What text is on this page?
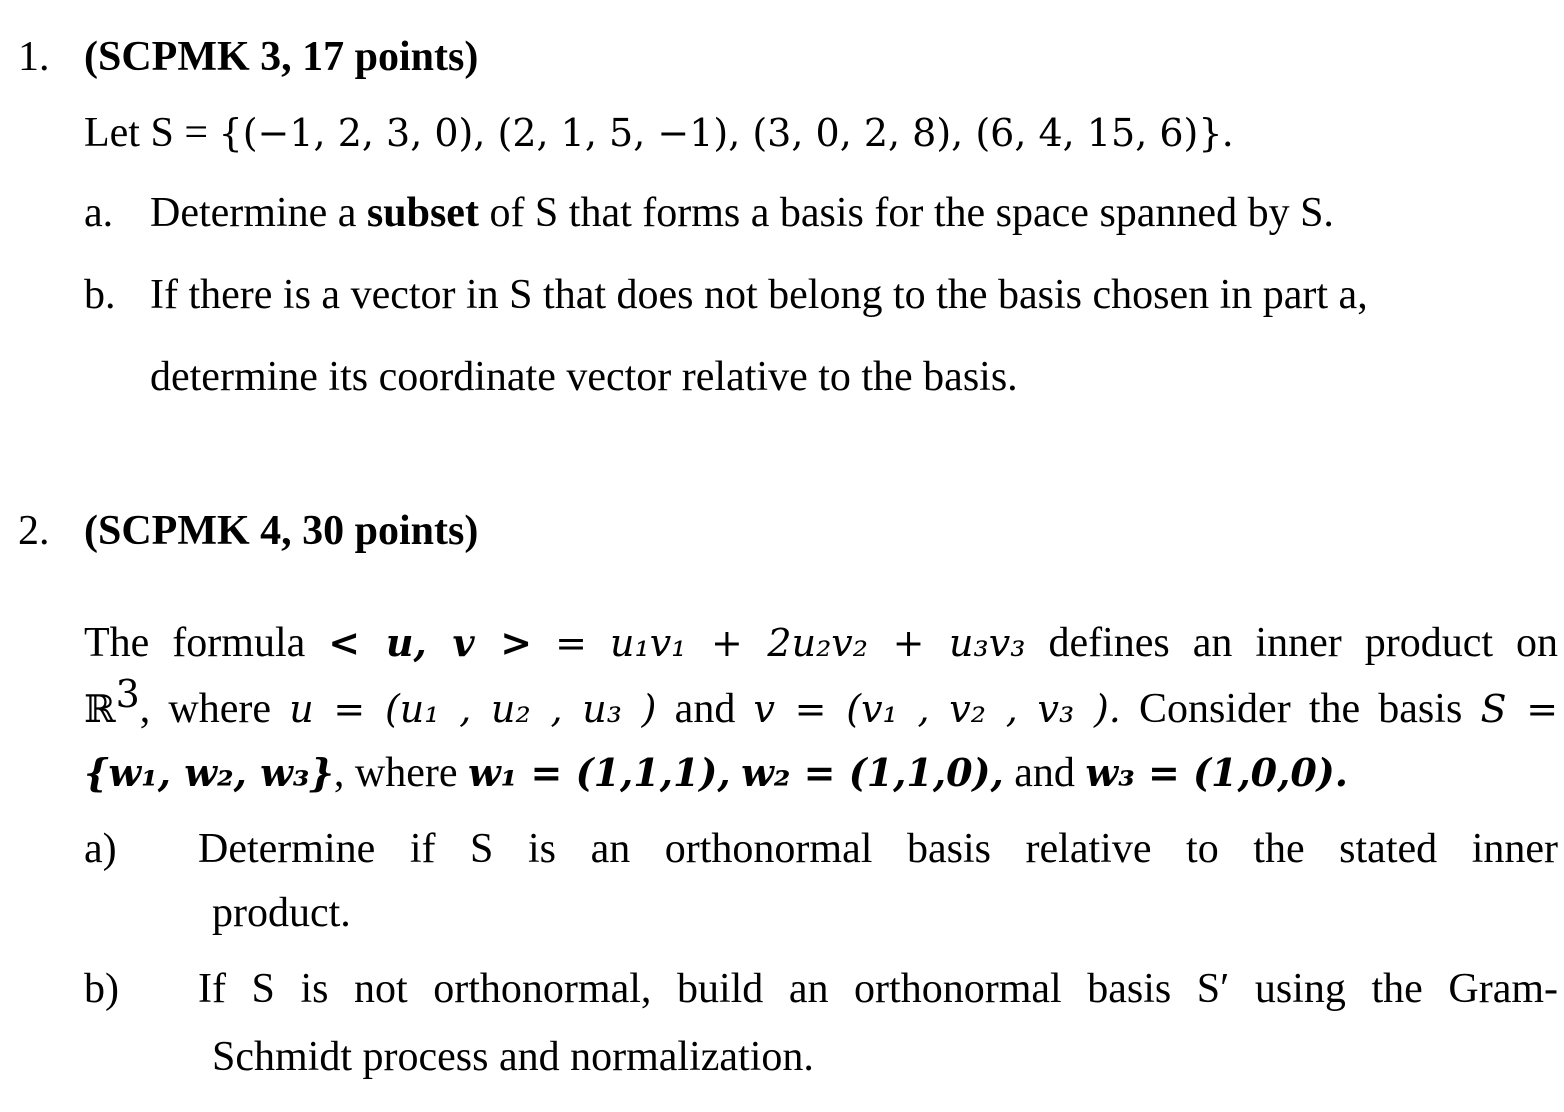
1. (SCPMK 3, 17 points)
Let S = {(−1, 2, 3, 0), (2, 1, 5, −1), (3, 0, 2, 8), (6, 4, 15, 6)}.
a. Determine a subset of S that forms a basis for the space spanned by S.
b. If there is a vector in S that does not belong to the basis chosen in part a,
determine its coordinate vector relative to the basis.
2. (SCPMK 4, 30 points)
The formula < u, v > = u₁v₁ + 2u₂v₂ + u₃v₃ defines an inner product on
ℝ$^3$, where u = (u₁ , u₂ , u₃ ) and v = (v₁ , v₂ , v₃ ). Consider the basis S =
{w₁, w₂, w₃}, where w₁ = (1,1,1), w₂ = (1,1,0), and w₃ = (1,0,0).
a) Determine if S is an orthonormal basis relative to the stated inner
product.
b) If S is not orthonormal, build an orthonormal basis S′ using the Gram-
Schmidt process and normalization.
